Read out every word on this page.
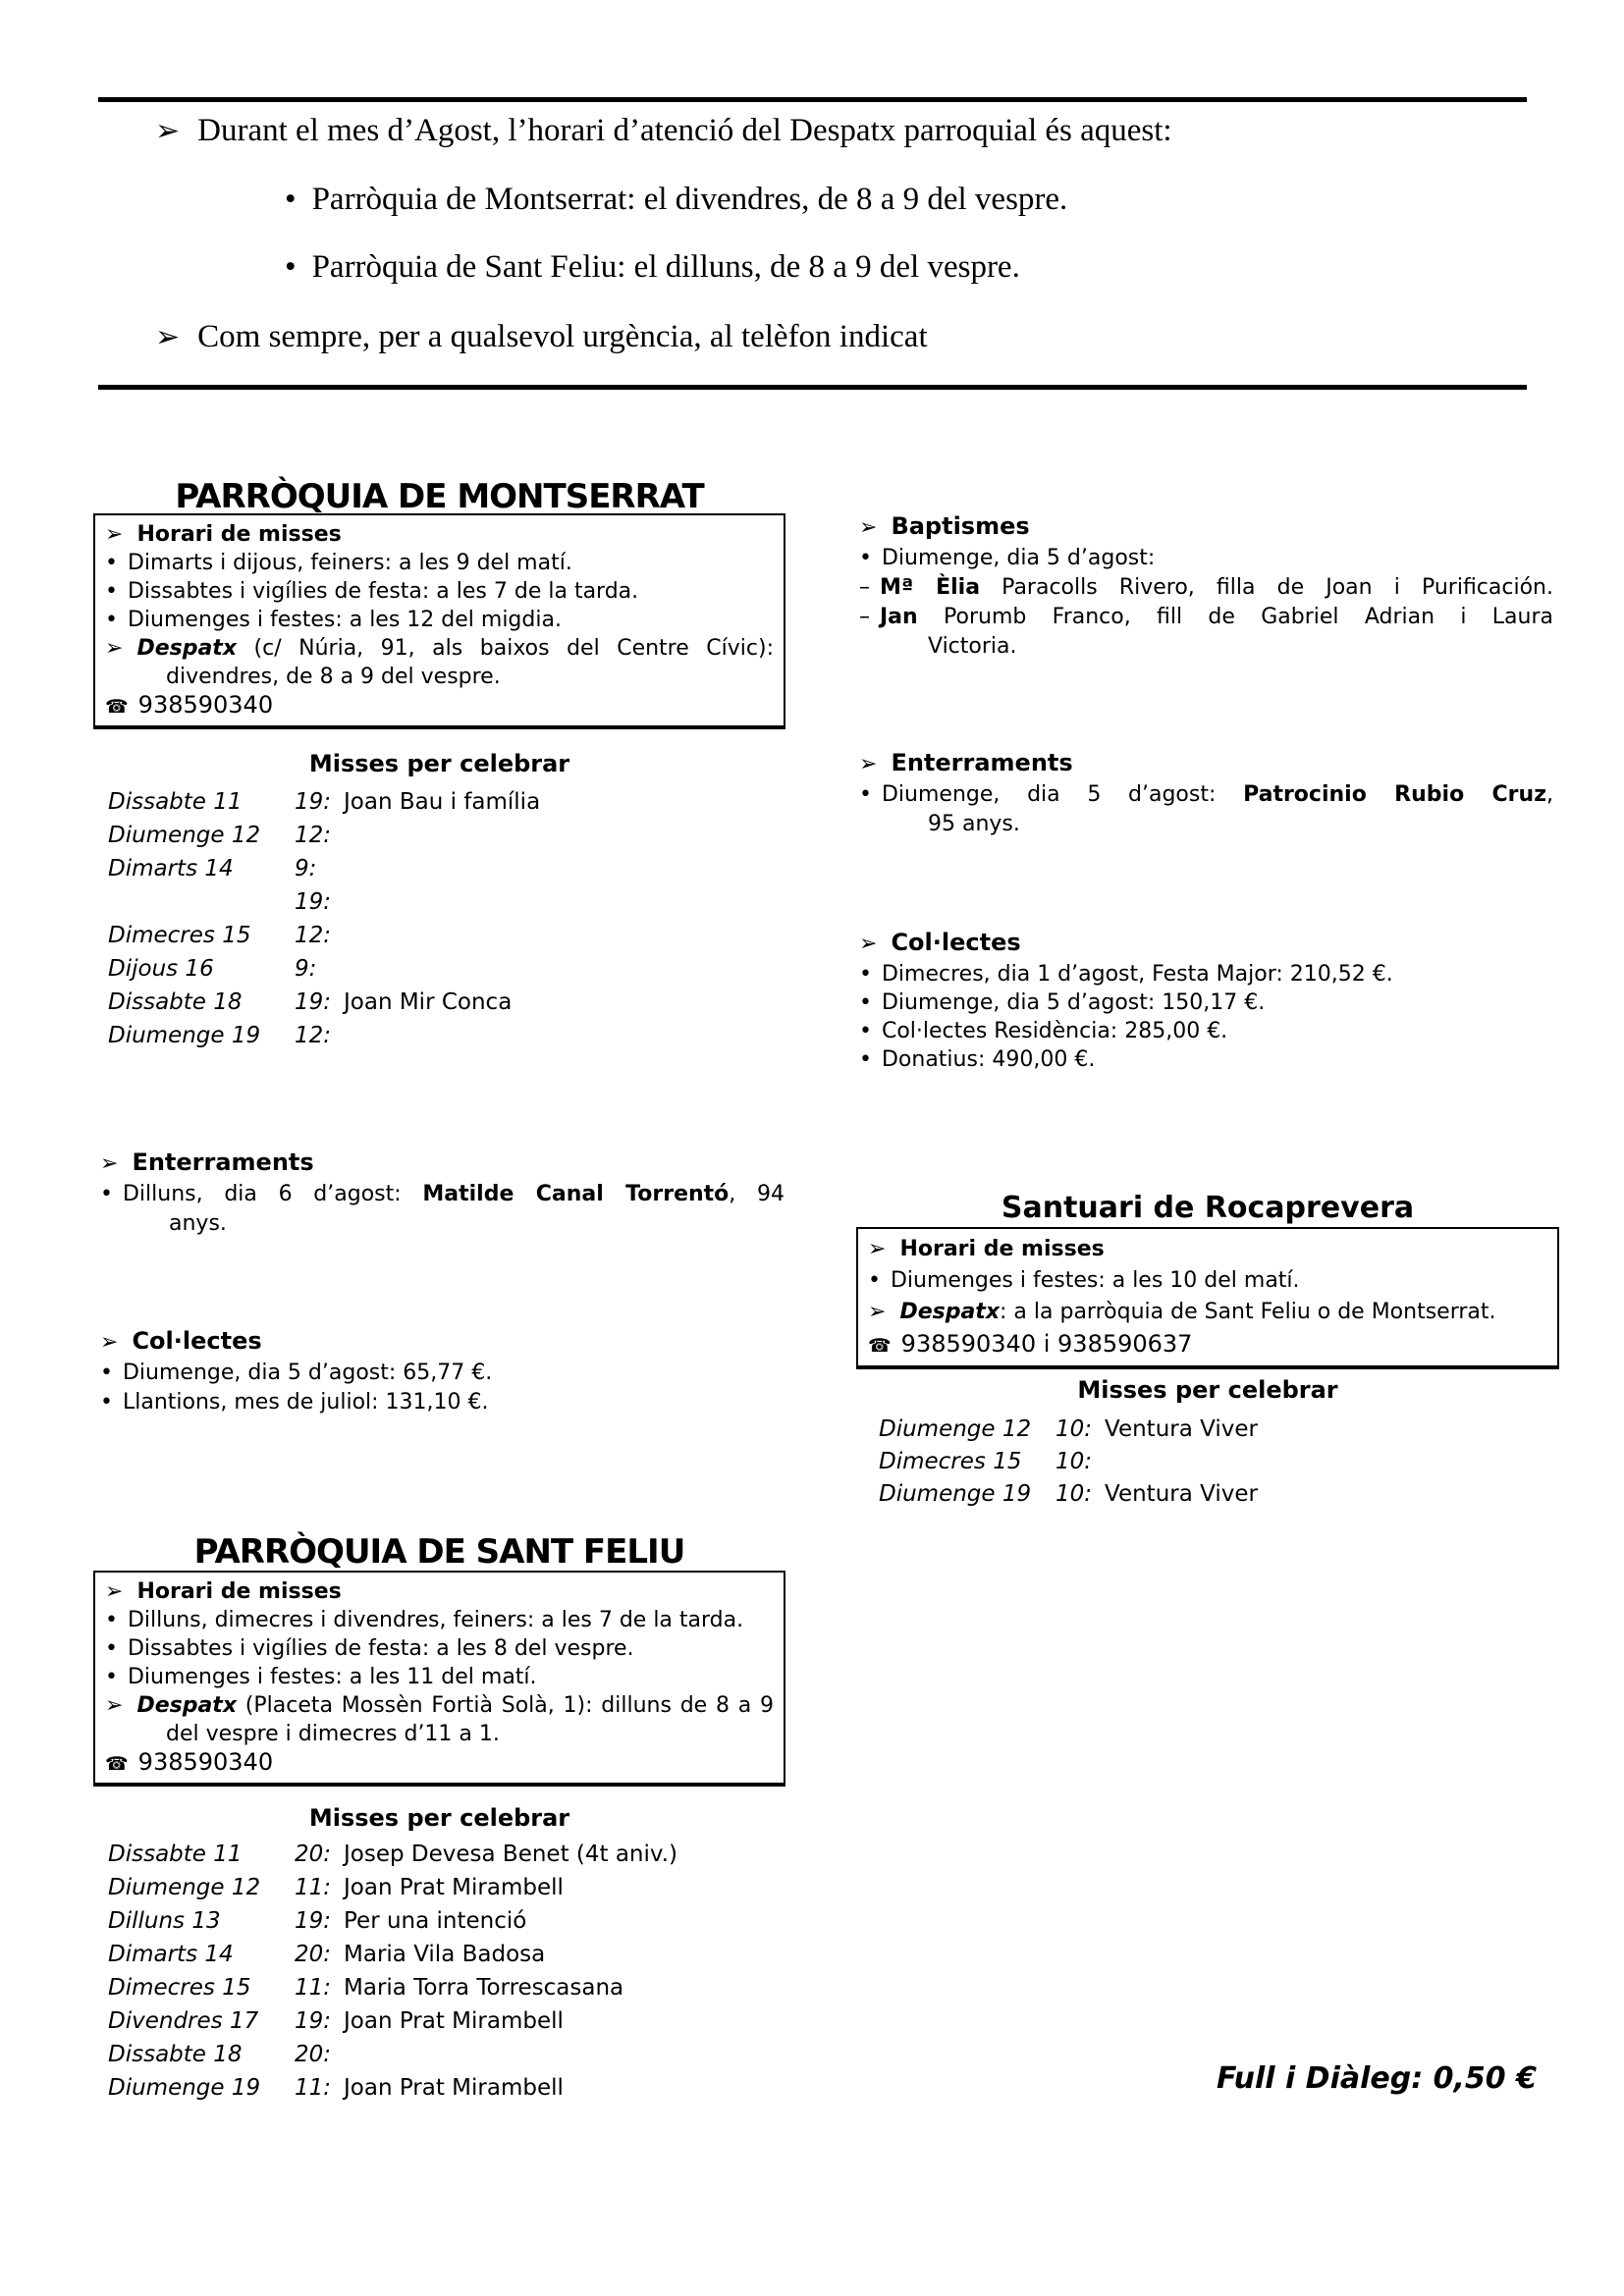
➢ Durant el mes d’Agost, l’horari d’atenció del Despatx parroquial és aquest:
• Parròquia de Montserrat: el divendres, de 8 a 9 del vespre.
• Parròquia de Sant Feliu: el dilluns, de 8 a 9 del vespre.
➢ Com sempre, per a qualsevol urgència, al telèfon indicat
PARRÒQUIA DE MONTSERRAT
➢ Horari de misses
• Dimarts i dijous, feiners: a les 9 del matí.
• Dissabtes i vigílies de festa: a les 7 de la tarda.
• Diumenges i festes: a les 12 del migdia.
➢ Despatx (c/ Núria, 91, als baixos del Centre Cívic):
divendres, de 8 a 9 del vespre.
☎ 938590340
Misses per celebrar
Dissabte 11	19: Joan Bau i família
Diumenge 12	12:
Dimarts 14	9:
19:
Dimecres 15	12:
Dijous 16	9:
Dissabte 18	19: Joan Mir Conca
Diumenge 19	12:
➢ Enterraments
• Dilluns, dia 6 d’agost: Matilde Canal Torrentó, 94
anys.
➢ Col·lectes
• Diumenge, dia 5 d’agost: 65,77 €.
• Llantions, mes de juliol: 131,10 €.
PARRÒQUIA DE SANT FELIU
➢ Horari de misses
• Dilluns, dimecres i divendres, feiners: a les 7 de la tarda.
• Dissabtes i vigílies de festa: a les 8 del vespre.
• Diumenges i festes: a les 11 del matí.
➢ Despatx (Placeta Mossèn Fortià Solà, 1): dilluns de 8 a 9
del vespre i dimecres d’11 a 1.
☎ 938590340
Misses per celebrar
Dissabte 11	20: Josep Devesa Benet (4t aniv.)
Diumenge 12	11: Joan Prat Mirambell
Dilluns 13	19: Per una intenció
Dimarts 14	20: Maria Vila Badosa
Dimecres 15	11: Maria Torra Torrescasana
Divendres 17	19: Joan Prat Mirambell
Dissabte 18	20:
Diumenge 19	11: Joan Prat Mirambell
➢ Baptismes
• Diumenge, dia 5 d’agost:
– Mª Èlia Paracolls Rivero, filla de Joan i Purificación.
– Jan Porumb Franco, fill de Gabriel Adrian i Laura
Victoria.
➢ Enterraments
• Diumenge, dia 5 d’agost: Patrocinio Rubio Cruz,
95 anys.
➢ Col·lectes
• Dimecres, dia 1 d’agost, Festa Major: 210,52 €.
• Diumenge, dia 5 d’agost: 150,17 €.
• Col·lectes Residència: 285,00 €.
• Donatius: 490,00 €.
Santuari de Rocaprevera
➢ Horari de misses
• Diumenges i festes: a les 10 del matí.
➢ Despatx: a la parròquia de Sant Feliu o de Montserrat.
☎ 938590340 i 938590637
Misses per celebrar
Diumenge 12	10: Ventura Viver
Dimecres 15	10:
Diumenge 19	10: Ventura Viver
Full i Diàleg: 0,50 €
